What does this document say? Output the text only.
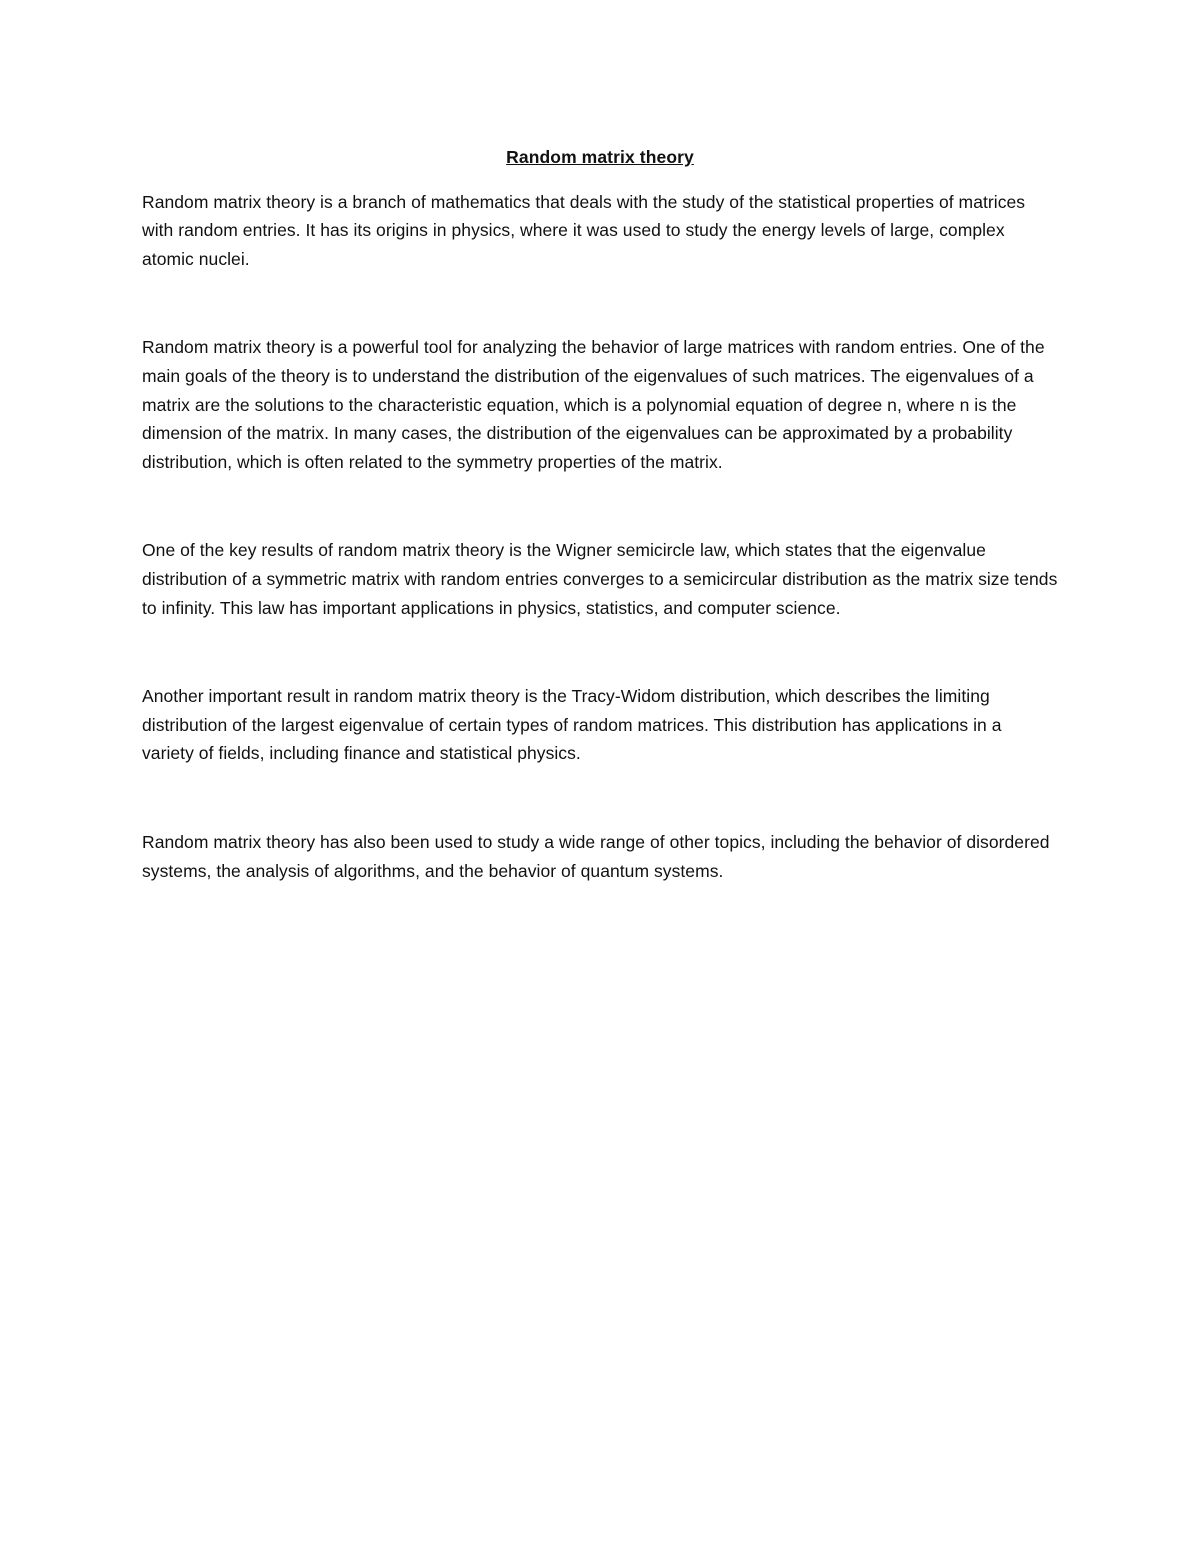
Random matrix theory

Random matrix theory is a branch of mathematics that deals with the study of the statistical properties of matrices with random entries. It has its origins in physics, where it was used to study the energy levels of large, complex atomic nuclei.

Random matrix theory is a powerful tool for analyzing the behavior of large matrices with random entries. One of the main goals of the theory is to understand the distribution of the eigenvalues of such matrices. The eigenvalues of a matrix are the solutions to the characteristic equation, which is a polynomial equation of degree n, where n is the dimension of the matrix. In many cases, the distribution of the eigenvalues can be approximated by a probability distribution, which is often related to the symmetry properties of the matrix.

One of the key results of random matrix theory is the Wigner semicircle law, which states that the eigenvalue distribution of a symmetric matrix with random entries converges to a semicircular distribution as the matrix size tends to infinity. This law has important applications in physics, statistics, and computer science.

Another important result in random matrix theory is the Tracy-Widom distribution, which describes the limiting distribution of the largest eigenvalue of certain types of random matrices. This distribution has applications in a variety of fields, including finance and statistical physics.

Random matrix theory has also been used to study a wide range of other topics, including the behavior of disordered systems, the analysis of algorithms, and the behavior of quantum systems.
